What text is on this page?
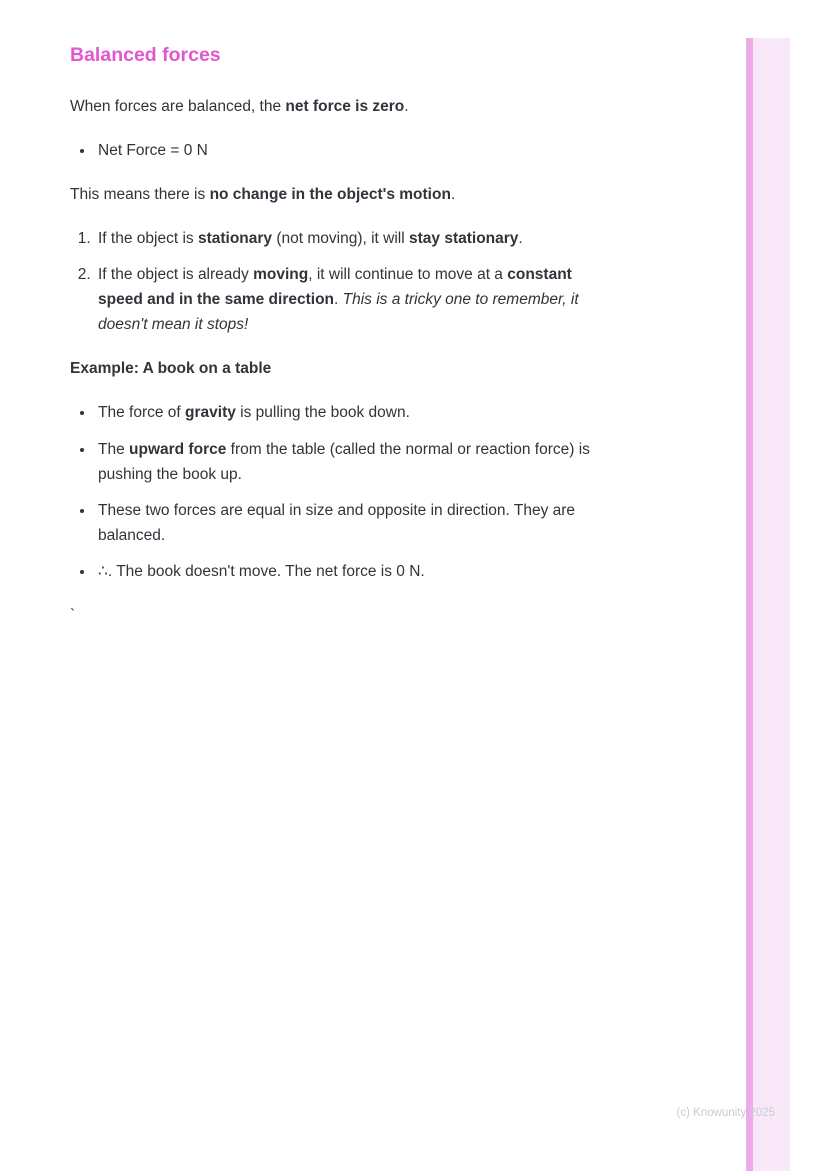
Balanced forces

When forces are balanced, the net force is zero.

• Net Force = 0 N

This means there is no change in the object's motion.

1. If the object is stationary (not moving), it will stay stationary.
2. If the object is already moving, it will continue to move at a constant speed and in the same direction. This is a tricky one to remember, it doesn't mean it stops!

Example: A book on a table

• The force of gravity is pulling the book down.
• The upward force from the table (called the normal or reaction force) is pushing the book up.
• These two forces are equal in size and opposite in direction. They are balanced.
• ∴. The book doesn't move. The net force is 0 N.
`
(c) Knowunity 2025
